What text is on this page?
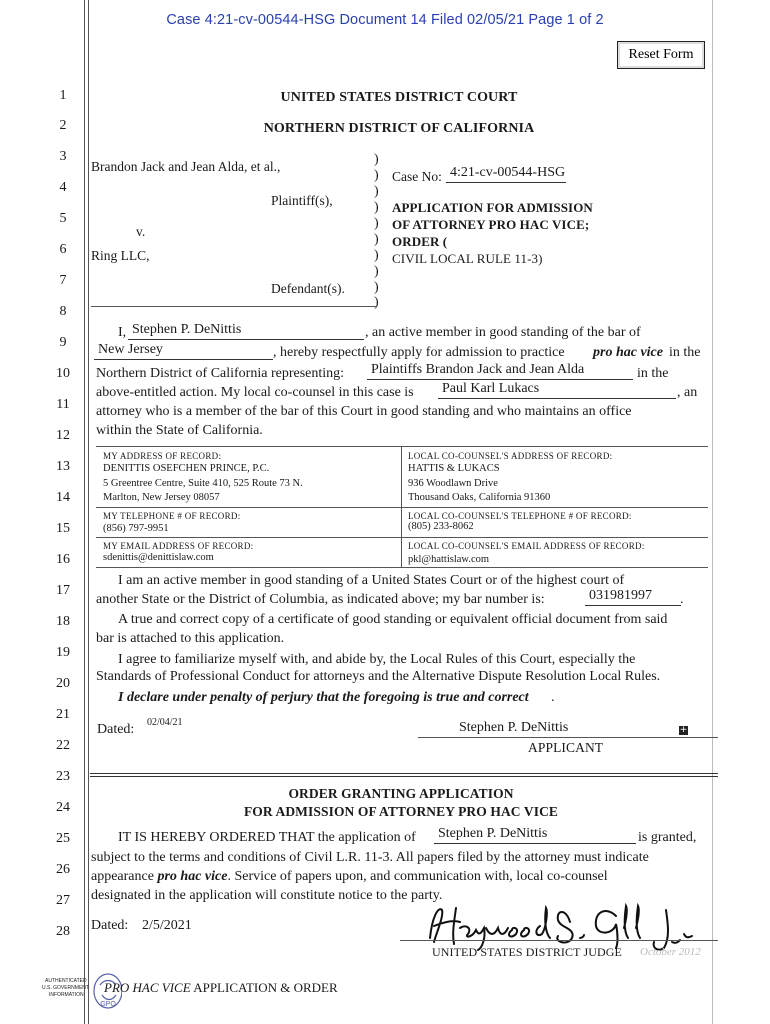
Case 4:21-cv-00544-HSG Document 14 Filed 02/05/21 Page 1 of 2
Reset Form
1
2
3
4
5
6
7
8
9
10
11
12
13
14
15
16
17
18
19
20
21
22
23
24
25
26
27
28
UNITED STATES DISTRICT COURT
NORTHERN DISTRICT OF CALIFORNIA
Brandon Jack and Jean Alda, et al.,
Plaintiff(s),
v.
Ring LLC,
Defendant(s).
)
)
)
)
)
)
)
)
)
)
Case No: 4:21-cv-00544-HSG
APPLICATION FOR ADMISSION
OF ATTORNEY PRO HAC VICE;
ORDER (
CIVIL LOCAL RULE 11-3)
I, Stephen P. DeNittis	, an active member in good standing of the bar of
New Jersey	, hereby respectfully apply for admission to practice pro hac vice in the
Northern District of California representing: Plaintiffs Brandon Jack and Jean Alda	in the
above-entitled action. My local co-counsel in this case is Paul Karl Lukacs	, an
attorney who is a member of the bar of this Court in good standing and who maintains an office
within the State of California.
MY ADDRESS OF RECORD:
DENITTIS OSEFCHEN PRINCE, P.C.
5 Greentree Centre, Suite 410, 525 Route 73 N.
Marlton, New Jersey 08057
LOCAL CO-COUNSEL'S ADDRESS OF RECORD:
HATTIS & LUKACS
936 Woodlawn Drive
Thousand Oaks, California 91360
MY TELEPHONE # OF RECORD:
(856) 797-9951
LOCAL CO-COUNSEL'S TELEPHONE # OF RECORD:
(805) 233-8062
MY EMAIL ADDRESS OF RECORD:
sdenittis@denittislaw.com
LOCAL CO-COUNSEL'S EMAIL ADDRESS OF RECORD:
pkl@hattislaw.com
I am an active member in good standing of a United States Court or of the highest court of
another State or the District of Columbia, as indicated above; my bar number is:	031981997	.
A true and correct copy of a certificate of good standing or equivalent official document from said
bar is attached to this application.
I agree to familiarize myself with, and abide by, the Local Rules of this Court, especially the
Standards of Professional Conduct for attorneys and the Alternative Dispute Resolution Local Rules.
I declare under penalty of perjury that the foregoing is true and correct .
Dated: 02/04/21	Stephen P. DeNittis	+
APPLICANT
ORDER GRANTING APPLICATION
FOR ADMISSION OF ATTORNEY PRO HAC VICE
IT IS HEREBY ORDERED THAT the application of Stephen P. DeNittis	is granted,
subject to the terms and conditions of Civil L.R. 11-3. All papers filed by the attorney must indicate
appearance pro hac vice. Service of papers upon, and communication with, local co-counsel
designated in the application will constitute notice to the party.
Dated: 2/5/2021
UNITED STATES DISTRICT JUDGE October 2012
GPO
AUTHENTICATED
U.S. GOVERNMENT
INFORMATION PRO HAC VICE APPLICATION & ORDER
